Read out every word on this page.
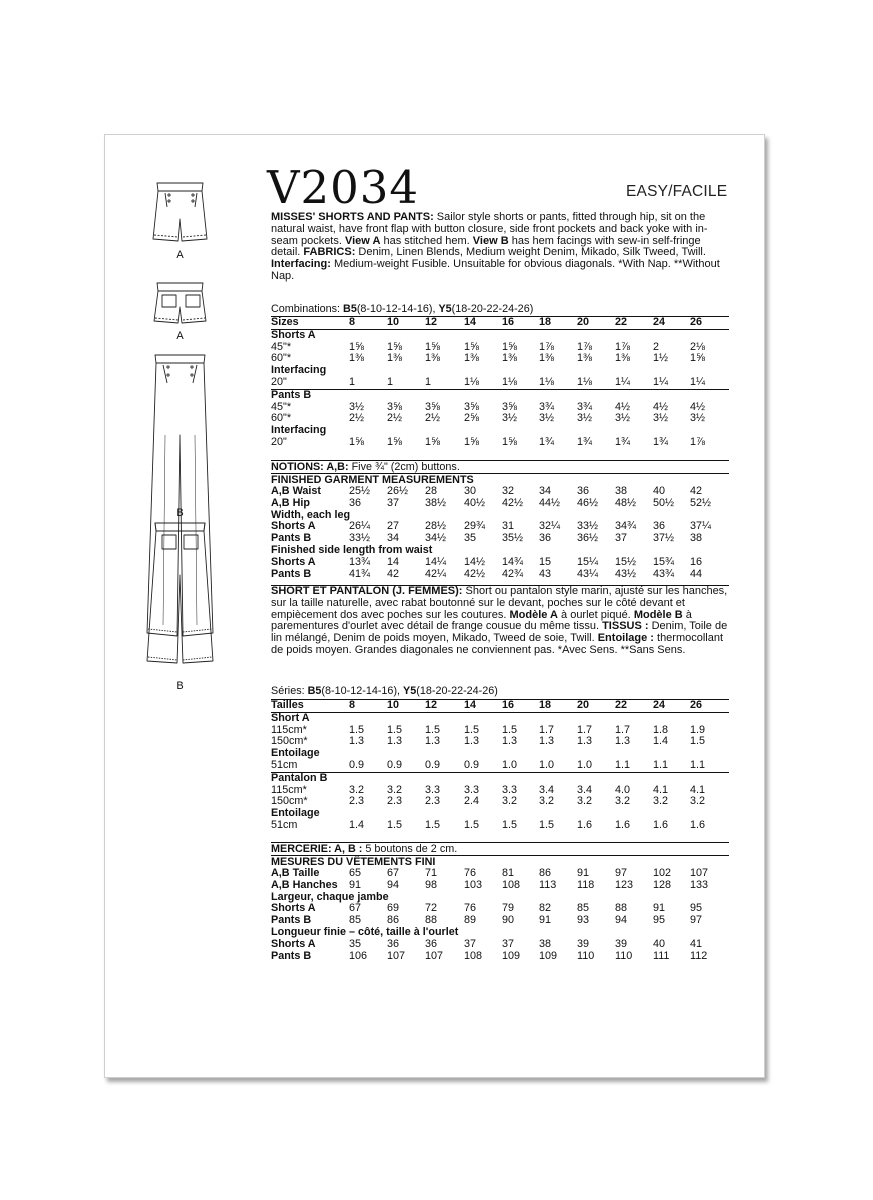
A
A
B
B
V2034	EASY/FACILE
MISSES' SHORTS AND PANTS: Sailor style shorts or pants, fitted through hip, sit on the natural waist, have front flap with button closure, side front pockets and back yoke with in-seam pockets. View A has stitched hem. View B has hem facings with sew-in self-fringe detail. FABRICS: Denim, Linen Blends, Medium weight Denim, Mikado, Silk Tweed, Twill. Interfacing: Medium-weight Fusible. Unsuitable for obvious diagonals. *With Nap. **Without Nap.
Combinations: B5(8-10-12-14-16), Y5(18-20-22-24-26)
Sizes	8	10 12 14 16 18 20 22 24 26
Shorts A
45"*	1⅝ 1⅝ 1⅝ 1⅝ 1⅝ 1⅞ 1⅞ 1⅞ 2	2⅛
60"*	1⅜ 1⅜ 1⅜ 1⅜ 1⅜ 1⅜ 1⅜ 1⅜ 1½ 1⅝
Interfacing
20"	1	1	1	1⅛ 1⅛ 1⅛ 1⅛ 1¼ 1¼ 1¼
Pants B
45"*	3½ 3⅝ 3⅝ 3⅝ 3⅝ 3¾ 3¾ 4½ 4½ 4½
60"*	2½ 2½ 2½ 2⅝ 3½ 3½ 3½ 3½ 3½ 3½
Interfacing
20"	1⅝ 1⅝ 1⅝ 1⅝ 1⅝ 1¾ 1¾ 1¾ 1¾ 1⅞
NOTIONS: A,B: Five ¾" (2cm) buttons.
FINISHED GARMENT MEASUREMENTS
A,B Waist	25½ 26½ 28 30 32 34 36 38 40 42
A,B Hip	36 37 38½ 40½ 42½ 44½ 46½ 48½ 50½ 52½
Width, each leg
Shorts A	26¼ 27 28½ 29¾ 31 32¼ 33½ 34¾ 36 37¼
Pants B	33½ 34 34½ 35 35½ 36 36½ 37 37½ 38
Finished side length from waist
Shorts A	13¾ 14 14¼ 14½ 14¾ 15 15¼ 15½ 15¾ 16
Pants B	41¾ 42 42¼ 42½ 42¾ 43 43¼ 43½ 43¾ 44
SHORT ET PANTALON (J. FEMMES): Short ou pantalon style marin, ajusté sur les hanches, sur la taille naturelle, avec rabat boutonné sur le devant, poches sur le côté devant et empiècement dos avec poches sur les coutures. Modèle A à ourlet piqué. Modèle B à parementures d'ourlet avec détail de frange cousue du même tissu. TISSUS : Denim, Toile de lin mélangé, Denim de poids moyen, Mikado, Tweed de soie, Twill. Entoilage : thermocollant de poids moyen. Grandes diagonales ne conviennent pas. *Avec Sens. **Sans Sens.
Séries: B5(8-10-12-14-16), Y5(18-20-22-24-26)
Tailles	8	10 12 14 16 18 20 22 24 26
Short A
115cm*	1.5 1.5 1.5 1.5 1.5 1.7 1.7 1.7 1.8 1.9
150cm*	1.3 1.3 1.3 1.3 1.3 1.3 1.3 1.3 1.4 1.5
Entoilage
51cm	0.9 0.9 0.9 0.9 1.0 1.0 1.0 1.1 1.1 1.1
Pantalon B
115cm*	3.2 3.2 3.3 3.3 3.3 3.4 3.4 4.0 4.1 4.1
150cm*	2.3 2.3 2.3 2.4 3.2 3.2 3.2 3.2 3.2 3.2
Entoilage
51cm	1.4 1.5 1.5 1.5 1.5 1.5 1.6 1.6 1.6 1.6
MERCERIE: A, B : 5 boutons de 2 cm.
MESURES DU VÊTEMENTS FINI
A,B Taille	65 67 71 76 81 86 91 97 102 107
A,B Hanches 91 94 98 103 108 113 118 123 128 133
Largeur, chaque jambe
Shorts A	67 69 72 76 79 82 85 88 91 95
Pants B	85 86 88 89 90 91 93 94 95 97
Longueur finie – côté, taille à l'ourlet
Shorts A	35 36 36 37 37 38 39 39 40 41
Pants B	106 107 107 108 109 109 110 110 111 112
